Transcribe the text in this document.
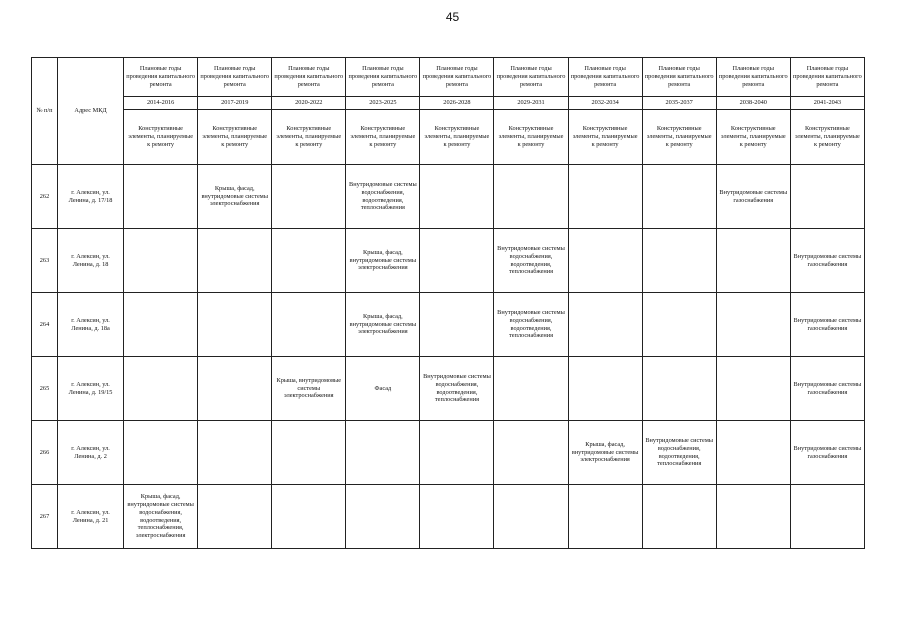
45
№ п/п	Адрес МКД	Плановые годы проведения капитального ремонта	Плановые годы проведения капитального ремонта	Плановые годы проведения капитального ремонта	Плановые годы проведения капитального ремонта	Плановые годы проведения капитального ремонта	Плановые годы проведения капитального ремонта	Плановые годы проведения капитального ремонта	Плановые годы проведения капитального ремонта	Плановые годы проведения капитального ремонта	Плановые годы проведения капитального ремонта
		2014-2016	2017-2019	2020-2022	2023-2025	2026-2028	2029-2031	2032-2034	2035-2037	2038-2040	2041-2043
		Конструктивные элементы, планируемые к ремонту	Конструктивные элементы, планируемые к ремонту	Конструктивные элементы, планируемые к ремонту	Конструктивные элементы, планируемые к ремонту	Конструктивные элементы, планируемые к ремонту	Конструктивные элементы, планируемые к ремонту	Конструктивные элементы, планируемые к ремонту	Конструктивные элементы, планируемые к ремонту	Конструктивные элементы, планируемые к ремонту	Конструктивные элементы, планируемые к ремонту
262	г. Алексин, ул. Ленина, д. 17/18		Крыша, фасад, внутридомовые системы электроснабжения		Внутридомовые системы водоснабжения, водоотведения, теплоснабжения					Внутридомовые системы газоснабжения	
263	г. Алексин, ул. Ленина, д. 18				Крыша, фасад, внутридомовые системы электроснабжения		Внутридомовые системы водоснабжения, водоотведения, теплоснабжения				Внутридомовые системы газоснабжения
264	г. Алексин, ул. Ленина, д. 18а				Крыша, фасад, внутридомовые системы электроснабжения		Внутридомовые системы водоснабжения, водоотведения, теплоснабжения				Внутридомовые системы газоснабжения
265	г. Алексин, ул. Ленина, д. 19/15			Крыша, внутридомовые системы электроснабжения	Фасад	Внутридомовые системы водоснабжения, водоотведения, теплоснабжения					Внутридомовые системы газоснабжения
266	г. Алексин, ул. Ленина, д. 2							Крыша, фасад, внутридомовые системы электроснабжения	Внутридомовые системы водоснабжения, водоотведения, теплоснабжения		Внутридомовые системы газоснабжения
267	г. Алексин, ул. Ленина, д. 21	Крыша, фасад, внутридомовые системы водоснабжения, водоотведения, теплоснабжения, электроснабжения									
